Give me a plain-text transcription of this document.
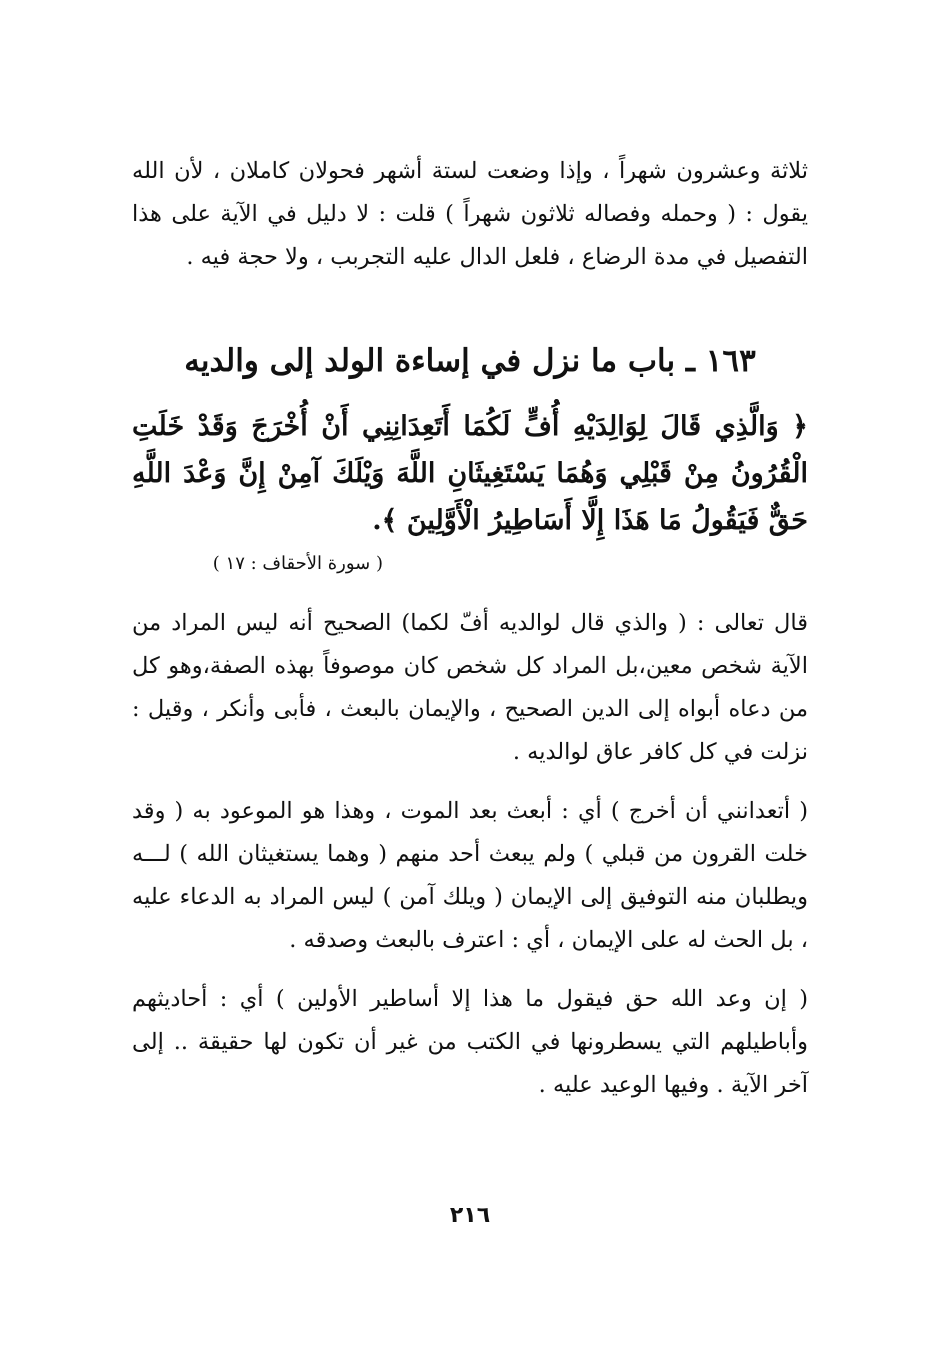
ثلاثة وعشرون شهراً ، وإذا وضعت لستة أشهر فحولان كاملان ، لأن الله يقول : ( وحمله وفصاله ثلاثون شهراً ) قلت : لا دليل في الآية على هذا التفصيل في مدة الرضاع ، فلعل الدال عليه التجربب ، ولا حجة فيه .

١٦٣ ـ باب ما نزل في إساءة الولد إلى والديه

﴿ وَالَّذِي قَالَ لِوَالِدَيْهِ أُفٍّ لَكُمَا أَتَعِدَانِنِي أَنْ أُخْرَجَ وَقَدْ خَلَتِ الْقُرُونُ مِنْ قَبْلِي وَهُمَا يَسْتَغِيثَانِ اللَّهَ وَيْلَكَ آمِنْ إِنَّ وَعْدَ اللَّهِ حَقٌّ فَيَقُولُ مَا هَذَا إِلَّا أَسَاطِيرُ الْأَوَّلِينَ ﴾.

( سورة الأحقاف : ١٧ )

قال تعالى : ( والذي قال لوالديه أفّ لكما) الصحيح أنه ليس المراد من الآية شخص معين،بل المراد كل شخص كان موصوفاً بهذه الصفة،وهو كل من دعاه أبواه إلى الدين الصحيح ، والإيمان بالبعث ، فأبى وأنكر ، وقيل : نزلت في كل كافر عاق لوالديه .

( أتعدانني أن أخرج ) أي : أبعث بعد الموت ، وهذا هو الموعود به ( وقد خلت القرون من قبلي ) ولم يبعث أحد منهم ( وهما يستغيثان الله ) لـــه ويطلبان منه التوفيق إلى الإيمان ( ويلك آمن ) ليس المراد به الدعاء عليه ، بل الحث له على الإيمان ، أي : اعترف بالبعث وصدقه .

( إن وعد الله حق فيقول ما هذا إلا أساطير الأولين ) أي : أحاديثهم وأباطيلهم التي يسطرونها في الكتب من غير أن تكون لها حقيقة .. إلى آخر الآية . وفيها الوعيد عليه .

٢١٦
